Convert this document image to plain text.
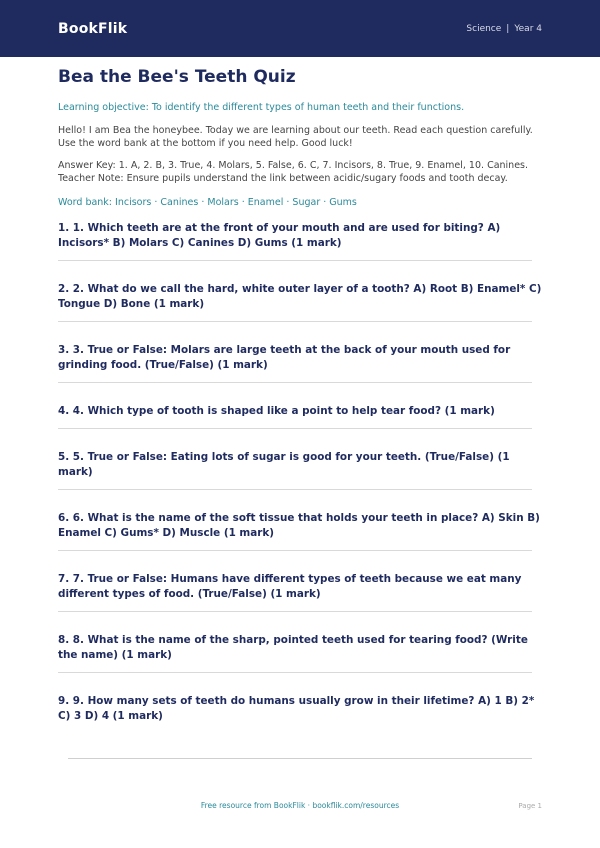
BookFlik	Science | Year 4
Bea the Bee's Teeth Quiz
Learning objective: To identify the different types of human teeth and their functions.
Hello! I am Bea the honeybee. Today we are learning about our teeth. Read each question carefully. Use the word bank at the bottom if you need help. Good luck!
Answer Key: 1. A, 2. B, 3. True, 4. Molars, 5. False, 6. C, 7. Incisors, 8. True, 9. Enamel, 10. Canines.
Teacher Note: Ensure pupils understand the link between acidic/sugary foods and tooth decay.
Word bank: Incisors · Canines · Molars · Enamel · Sugar · Gums
1. 1. Which teeth are at the front of your mouth and are used for biting? A) Incisors* B) Molars C) Canines D) Gums (1 mark)
2. 2. What do we call the hard, white outer layer of a tooth? A) Root B) Enamel* C) Tongue D) Bone (1 mark)
3. 3. True or False: Molars are large teeth at the back of your mouth used for grinding food. (True/False) (1 mark)
4. 4. Which type of tooth is shaped like a point to help tear food? (1 mark)
5. 5. True or False: Eating lots of sugar is good for your teeth. (True/False) (1 mark)
6. 6. What is the name of the soft tissue that holds your teeth in place? A) Skin B) Enamel C) Gums* D) Muscle (1 mark)
7. 7. True or False: Humans have different types of teeth because we eat many different types of food. (True/False) (1 mark)
8. 8. What is the name of the sharp, pointed teeth used for tearing food? (Write the name) (1 mark)
9. 9. How many sets of teeth do humans usually grow in their lifetime? A) 1 B) 2* C) 3 D) 4 (1 mark)
Free resource from BookFlik · bookflik.com/resources	Page 1
